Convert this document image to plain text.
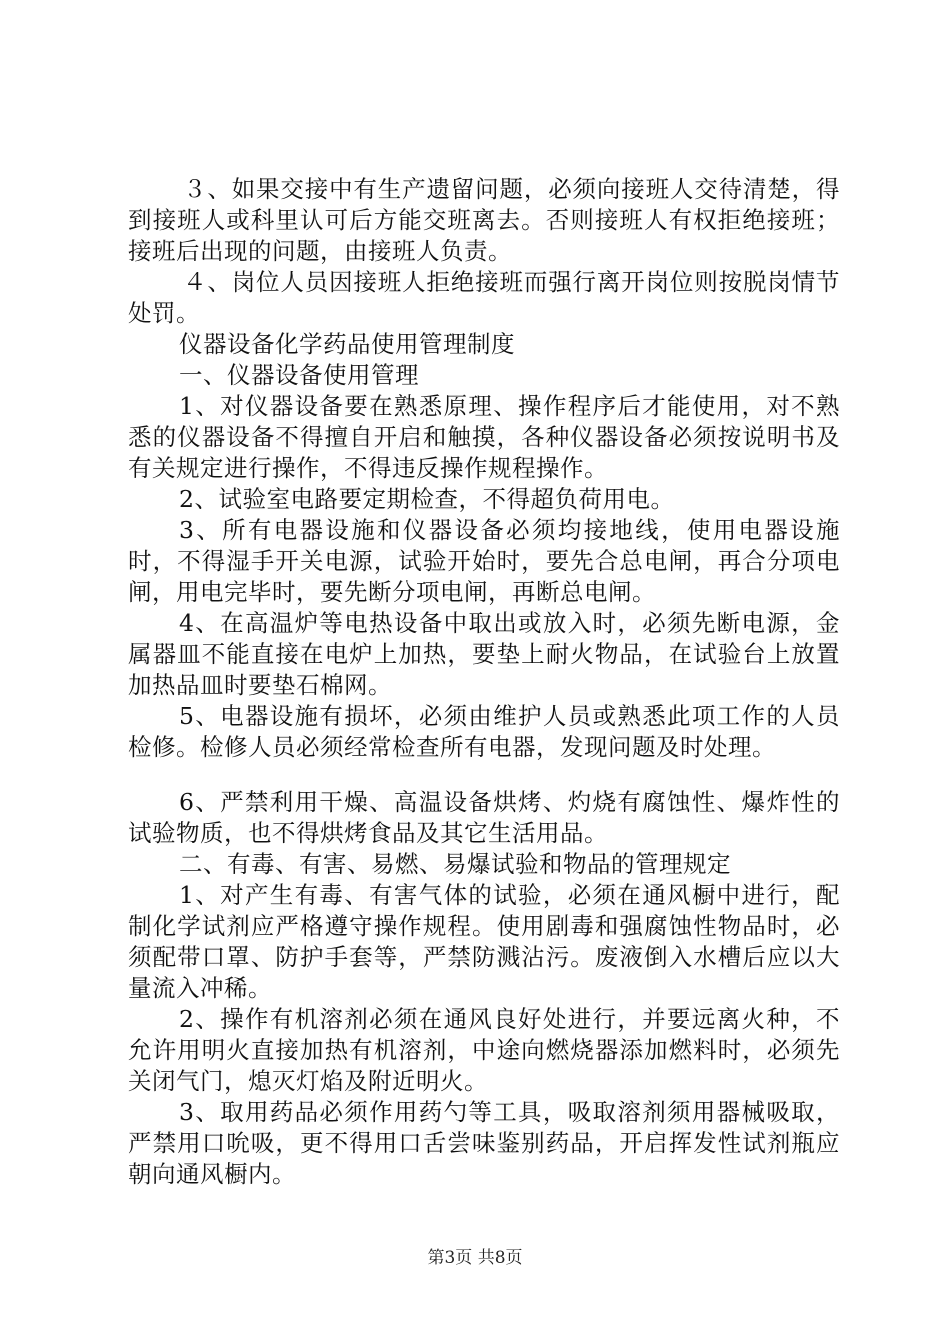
３、如果交接中有生产遗留问题，必须向接班人交待清楚，得到接班人或科里认可后方能交班离去。否则接班人有权拒绝接班；接班后出现的问题，由接班人负责。

４、岗位人员因接班人拒绝接班而强行离开岗位则按脱岗情节处罚。

仪器设备化学药品使用管理制度

一、仪器设备使用管理

1、对仪器设备要在熟悉原理、操作程序后才能使用，对不熟悉的仪器设备不得擅自开启和触摸，各种仪器设备必须按说明书及有关规定进行操作，不得违反操作规程操作。

2、试验室电路要定期检查，不得超负荷用电。

3、所有电器设施和仪器设备必须均接地线，使用电器设施时，不得湿手开关电源，试验开始时，要先合总电闸，再合分项电闸，用电完毕时，要先断分项电闸，再断总电闸。

4、在高温炉等电热设备中取出或放入时，必须先断电源，金属器皿不能直接在电炉上加热，要垫上耐火物品，在试验台上放置加热品皿时要垫石棉网。

5、电器设施有损坏，必须由维护人员或熟悉此项工作的人员检修。检修人员必须经常检查所有电器，发现问题及时处理。

6、严禁利用干燥、高温设备烘烤、灼烧有腐蚀性、爆炸性的试验物质，也不得烘烤食品及其它生活用品。

二、有毒、有害、易燃、易爆试验和物品的管理规定

1、对产生有毒、有害气体的试验，必须在通风橱中进行，配制化学试剂应严格遵守操作规程。使用剧毒和强腐蚀性物品时，必须配带口罩、防护手套等，严禁防溅沾污。废液倒入水槽后应以大量流入冲稀。

2、操作有机溶剂必须在通风良好处进行，并要远离火种，不允许用明火直接加热有机溶剂，中途向燃烧器添加燃料时，必须先关闭气门，熄灭灯焰及附近明火。

3、取用药品必须作用药勺等工具，吸取溶剂须用器械吸取，严禁用口吮吸，更不得用口舌尝味鉴别药品，开启挥发性试剂瓶应朝向通风橱内。

第3页 共8页
